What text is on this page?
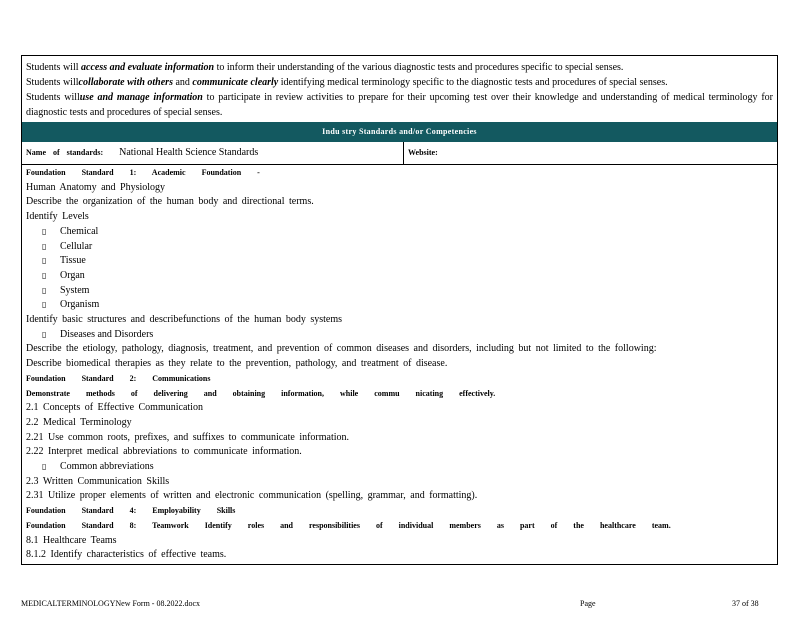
Students will access and evaluate information to inform their understanding of the various diagnostic tests and procedures specific to special senses.

Students willcollaborate with others and communicate clearly identifying medical terminology specific to the diagnostic tests and procedures of special senses.

Students willuse and manage information to participate in review activities to prepare for their upcoming test over their knowledge and understanding of medical terminology for diagnostic tests and procedures of special senses.

Indu stry Standards and/or Competencies
Name of standards: National Health Science Standards	Website:
Foundation Standard 1: Academic Foundation -
Human Anatomy and Physiology
Describe the organization of the human body and directional terms.
Identify Levels
▯ Chemical
▯ Cellular
▯ Tissue
▯ Organ
▯ System
▯ Organism
Identify basic structures and describefunctions of the human body systems
▯ Diseases and Disorders
Describe the etiology, pathology, diagnosis, treatment, and prevention of common diseases and disorders, including but not limited to the following:
Describe biomedical therapies as they relate to the prevention, pathology, and treatment of disease.
Foundation Standard 2: Communications
Demonstrate methods of delivering and obtaining information, while commu nicating effectively.
2.1 Concepts of Effective Communication
2.2 Medical Terminology
2.21 Use common roots, prefixes, and suffixes to communicate information.
2.22 Interpret medical abbreviations to communicate information.
▯ Common abbreviations
2.3 Written Communication Skills
2.31 Utilize proper elements of written and electronic communication (spelling, grammar, and formatting).
Foundation Standard 4: Employability Skills
Foundation Standard 8: Teamwork Identify roles and responsibilities of individual members as part of the healthcare team.
8.1 Healthcare Teams
8.1.2 Identify characteristics of effective teams.
MEDICALTERMINOLOGYNew Form - 08.2022.docx	Page	37 of 38
